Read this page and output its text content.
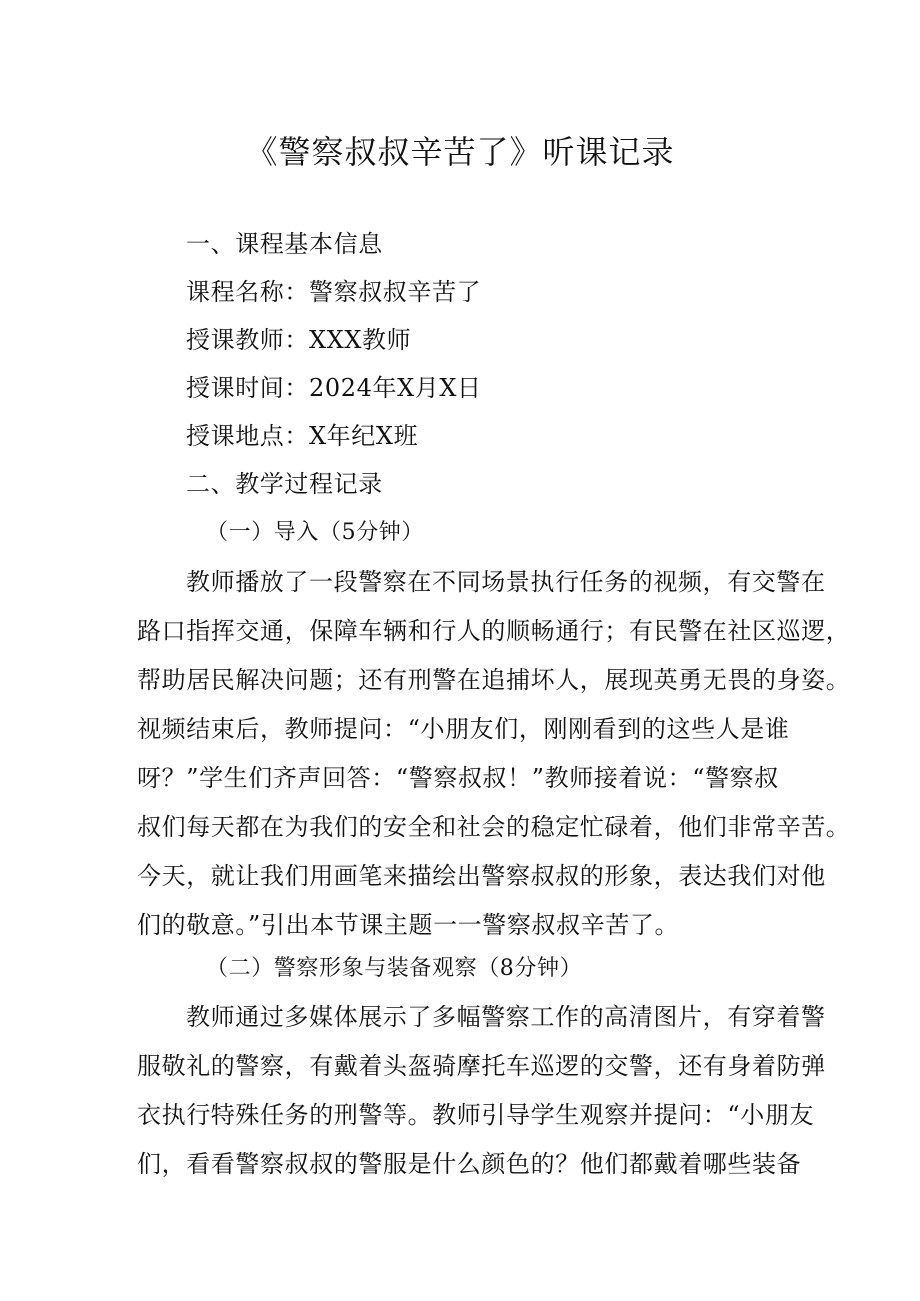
《警察叔叔辛苦了》听课记录
一、课程基本信息
课程名称：警察叔叔辛苦了
授课教师：XXX教师
授课时间：2024年X月X日
授课地点：X年纪X班
二、教学过程记录
（一）导入（5分钟）
教师播放了一段警察在不同场景执行任务的视频，有交警在
路口指挥交通，保障车辆和行人的顺畅通行；有民警在社区巡逻，
帮助居民解决问题；还有刑警在追捕坏人，展现英勇无畏的身姿。
视频结束后，教师提问：“小朋友们，刚刚看到的这些人是谁
呀？”学生们齐声回答：“警察叔叔！”教师接着说：“警察叔
叔们每天都在为我们的安全和社会的稳定忙碌着，他们非常辛苦。
今天，就让我们用画笔来描绘出警察叔叔的形象，表达我们对他
们的敬意。”引出本节课主题一一警察叔叔辛苦了。
（二）警察形象与装备观察（8分钟）
教师通过多媒体展示了多幅警察工作的高清图片，有穿着警
服敬礼的警察，有戴着头盔骑摩托车巡逻的交警，还有身着防弹
衣执行特殊任务的刑警等。教师引导学生观察并提问：“小朋友
们，看看警察叔叔的警服是什么颜色的？他们都戴着哪些装备
